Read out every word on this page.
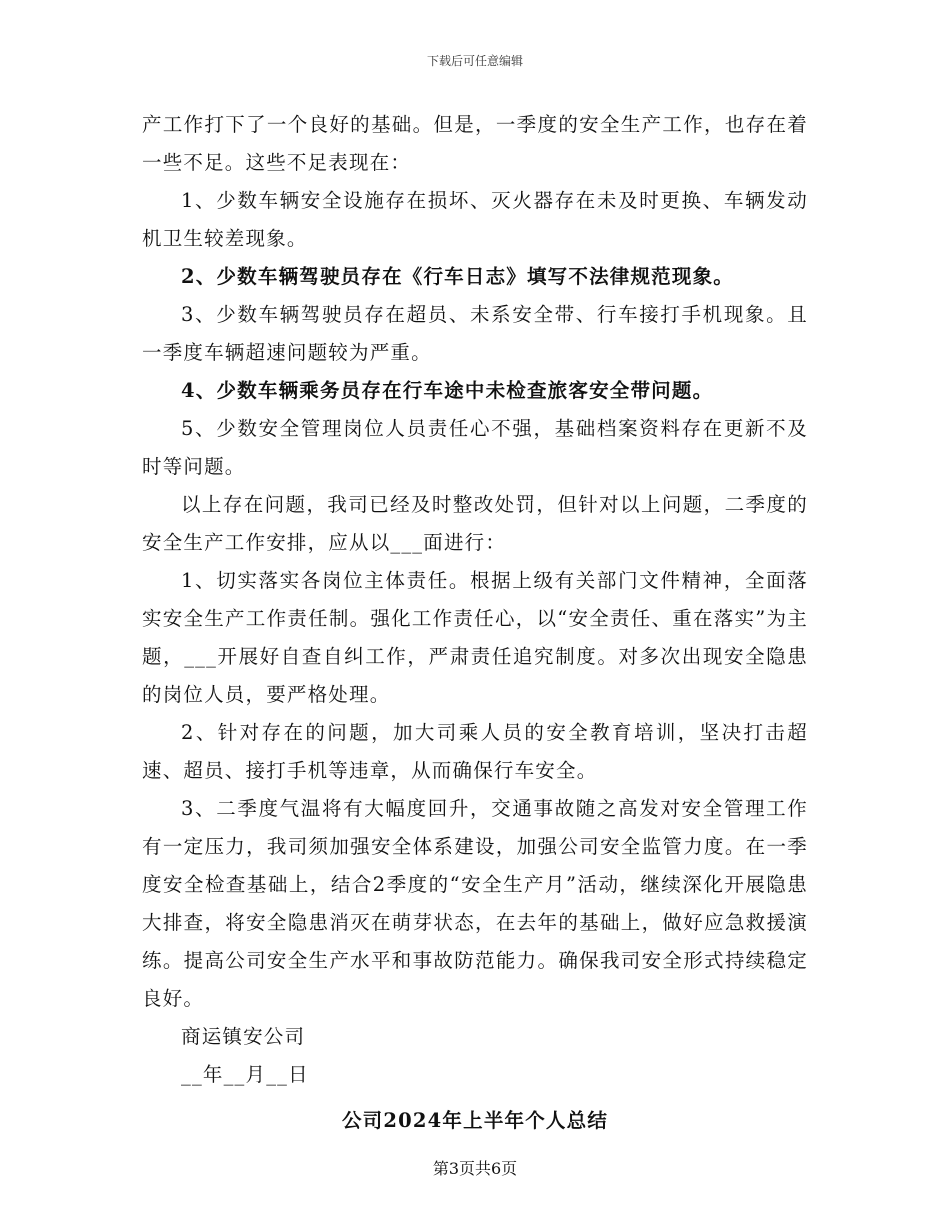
下载后可任意编辑

产工作打下了一个良好的基础。但是，一季度的安全生产工作，也存在着一些不足。这些不足表现在：

1、少数车辆安全设施存在损坏、灭火器存在未及时更换、车辆发动机卫生较差现象。

2、少数车辆驾驶员存在《行车日志》填写不法律规范现象。

3、少数车辆驾驶员存在超员、未系安全带、行车接打手机现象。且一季度车辆超速问题较为严重。

4、少数车辆乘务员存在行车途中未检查旅客安全带问题。

5、少数安全管理岗位人员责任心不强，基础档案资料存在更新不及时等问题。

以上存在问题，我司已经及时整改处罚，但针对以上问题，二季度的安全生产工作安排，应从以___面进行：

1、切实落实各岗位主体责任。根据上级有关部门文件精神，全面落实安全生产工作责任制。强化工作责任心，以“安全责任、重在落实”为主题，___开展好自查自纠工作，严肃责任追究制度。对多次出现安全隐患的岗位人员，要严格处理。

2、针对存在的问题，加大司乘人员的安全教育培训，坚决打击超速、超员、接打手机等违章，从而确保行车安全。

3、二季度气温将有大幅度回升，交通事故随之高发对安全管理工作有一定压力，我司须加强安全体系建设，加强公司安全监管力度。在一季度安全检查基础上，结合2季度的“安全生产月”活动，继续深化开展隐患大排查，将安全隐患消灭在萌芽状态，在去年的基础上，做好应急救援演练。提高公司安全生产水平和事故防范能力。确保我司安全形式持续稳定良好。

商运镇安公司

__年__月__日

公司2024年上半年个人总结
第3页共6页
